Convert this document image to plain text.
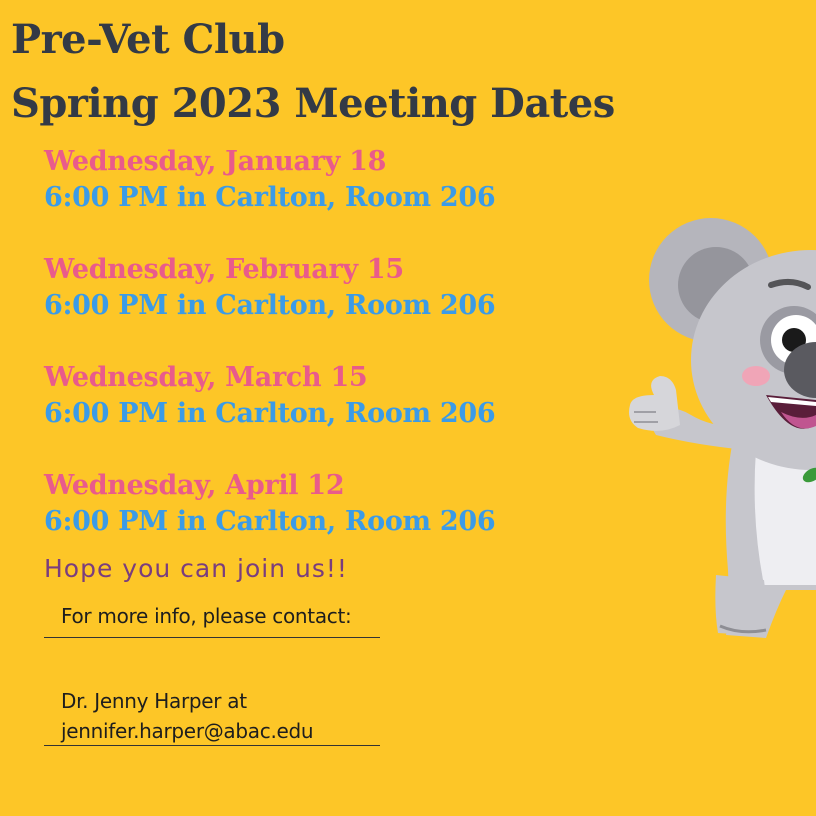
Pre-Vet Club
Spring 2023 Meeting Dates
Wednesday, January 18
6:00 PM in Carlton, Room 206
Wednesday, February 15
6:00 PM in Carlton, Room 206
Wednesday, March 15
6:00 PM in Carlton, Room 206
Wednesday, April 12
6:00 PM in Carlton, Room 206
Hope you can join us!!
For more info, please contact:
Dr. Jenny Harper at
jennifer.harper@abac.edu
